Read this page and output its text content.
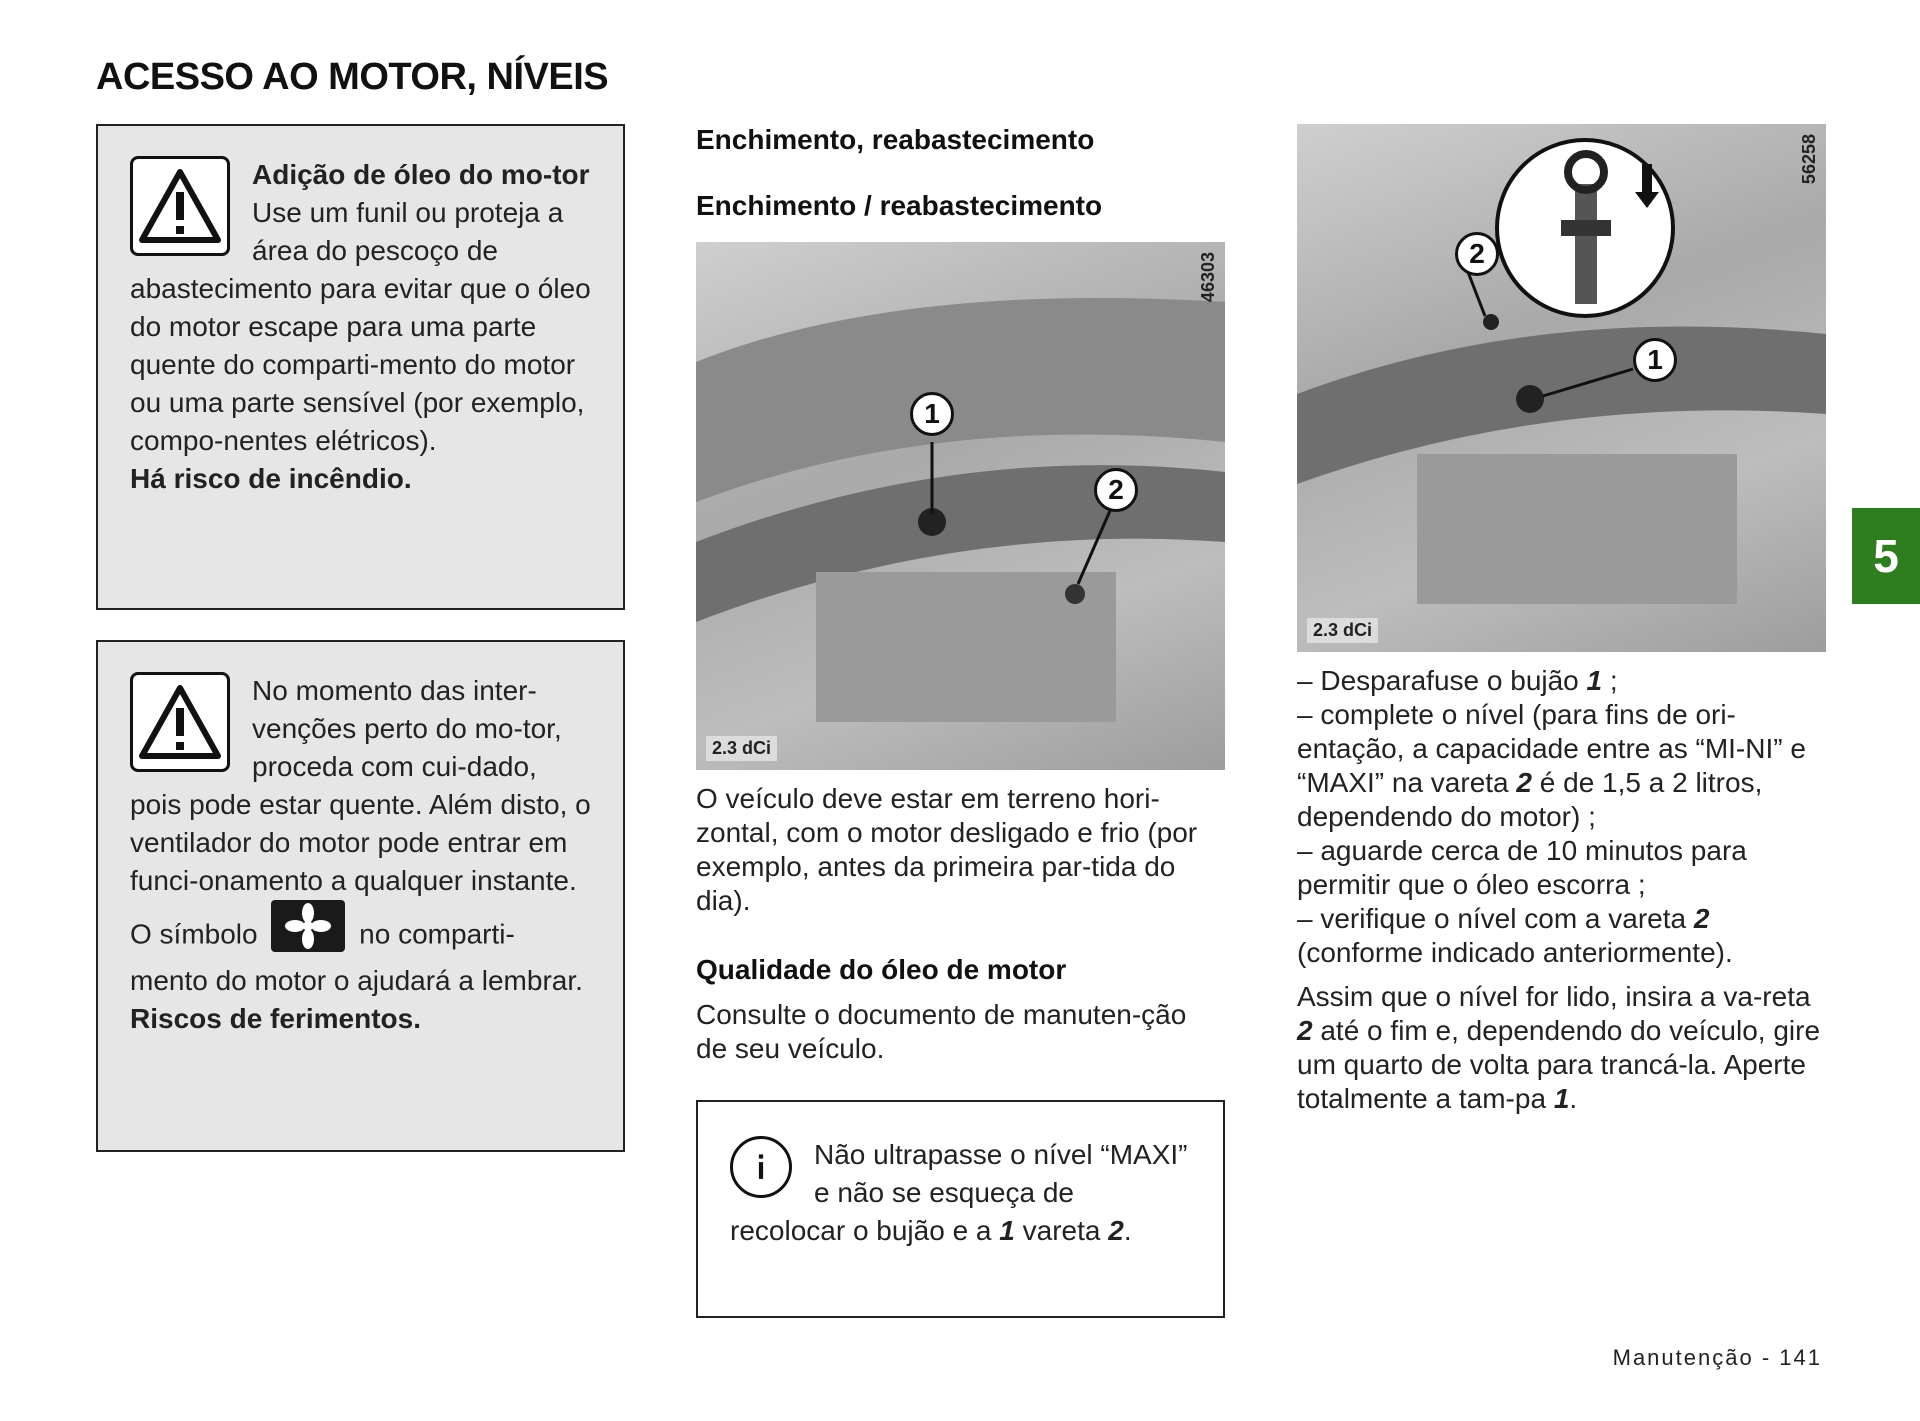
ACESSO AO MOTOR, NÍVEIS
Adição de óleo do mo-tor
Use um funil ou proteja a área do pescoço de abastecimento para evitar que o óleo do motor escape para uma parte quente do comparti-mento do motor ou uma parte sensível (por exemplo, compo-nentes elétricos).
Há risco de incêndio.
No momento das inter-venções perto do mo-tor, proceda com cui-dado, pois pode estar quente. Além disto, o ventilador do motor pode entrar em funci-onamento a qualquer instante.
O símbolo	no comparti-mento do motor o ajudará a lembrar.
Riscos de ferimentos.
Enchimento, reabastecimento
Enchimento / reabastecimento
1
2
46303
2.3 dCi
O veículo deve estar em terreno hori-zontal, com o motor desligado e frio (por exemplo, antes da primeira par-tida do dia).
Qualidade do óleo de motor
Consulte o documento de manuten-ção de seu veículo.
Não ultrapasse o nível “MAXI” e não se esqueça de recolocar o bujão e a 1 vareta 2.
2
1
56258
2.3 dCi
– Desparafuse o bujão 1 ;
– complete o nível (para fins de ori-entação, a capacidade entre as “MI-NI” e “MAXI” na vareta 2 é de 1,5 a 2 litros, dependendo do motor) ;
– aguarde cerca de 10 minutos para permitir que o óleo escorra ;
– verifique o nível com a vareta 2 (conforme indicado anteriormente).
Assim que o nível for lido, insira a va-reta 2 até o fim e, dependendo do veículo, gire um quarto de volta para trancá-la. Aperte totalmente a tam-pa 1.
5
Manutenção - 141
